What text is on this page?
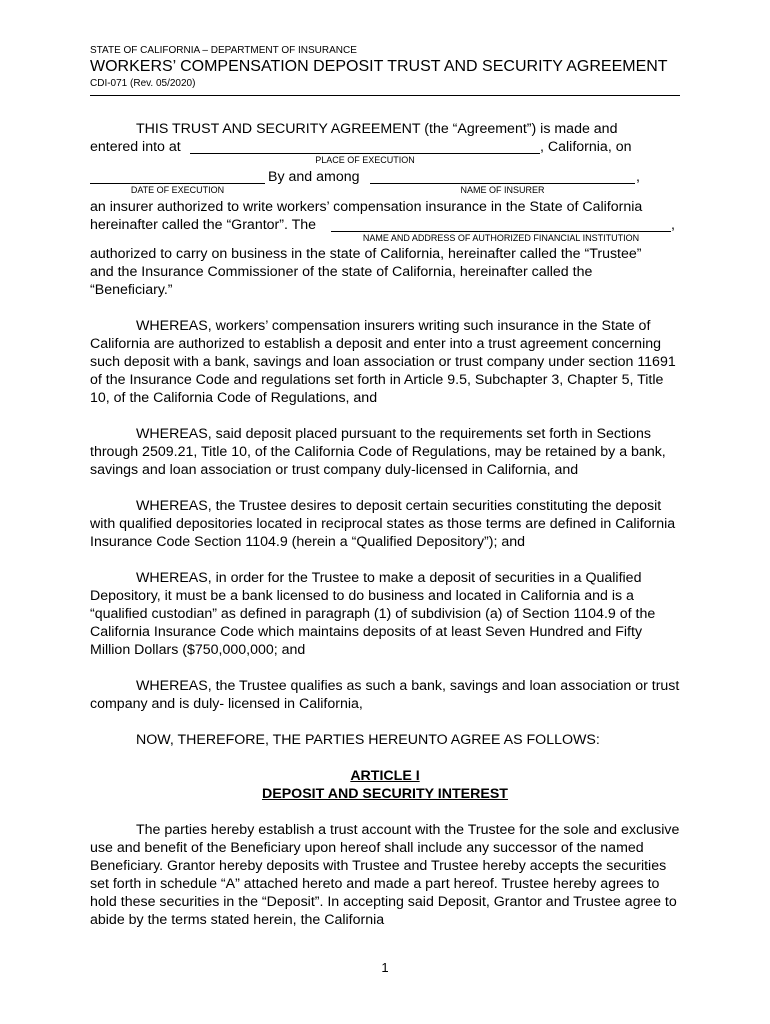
STATE OF CALIFORNIA – DEPARTMENT OF INSURANCE
WORKERS’ COMPENSATION DEPOSIT TRUST AND SECURITY AGREEMENT
CDI-071 (Rev. 05/2020)
THIS TRUST AND SECURITY AGREEMENT (the “Agreement”) is made and
entered into at	, California, on
PLACE OF EXECUTION
By and among	,
DATE OF EXECUTION	NAME OF INSURER
an insurer authorized to write workers’ compensation insurance in the State of California
hereinafter called the “Grantor”. The	,
NAME AND ADDRESS OF AUTHORIZED FINANCIAL INSTITUTION
authorized to carry on business in the state of California, hereinafter called the “Trustee”
and the Insurance Commissioner of the state of California, hereinafter called the
“Beneficiary.”
WHEREAS, workers’ compensation insurers writing such insurance in the State of California are authorized to establish a deposit and enter into a trust agreement concerning such deposit with a bank, savings and loan association or trust company under section 11691 of the Insurance Code and regulations set forth in Article 9.5, Subchapter 3, Chapter 5, Title 10, of the California Code of Regulations, and
WHEREAS, said deposit placed pursuant to the requirements set forth in Sections through 2509.21, Title 10, of the California Code of Regulations, may be retained by a bank, savings and loan association or trust company duly-licensed in California, and
WHEREAS, the Trustee desires to deposit certain securities constituting the deposit with qualified depositories located in reciprocal states as those terms are defined in California Insurance Code Section 1104.9 (herein a “Qualified Depository”); and
WHEREAS, in order for the Trustee to make a deposit of securities in a Qualified Depository, it must be a bank licensed to do business and located in California and is a “qualified custodian” as defined in paragraph (1) of subdivision (a) of Section 1104.9 of the California Insurance Code which maintains deposits of at least Seven Hundred and Fifty Million Dollars ($750,000,000; and
WHEREAS, the Trustee qualifies as such a bank, savings and loan association or trust company and is duly- licensed in California,
NOW, THEREFORE, THE PARTIES HEREUNTO AGREE AS FOLLOWS:
ARTICLE I
DEPOSIT AND SECURITY INTEREST
The parties hereby establish a trust account with the Trustee for the sole and exclusive use and benefit of the Beneficiary upon hereof shall include any successor of the named Beneficiary. Grantor hereby deposits with Trustee and Trustee hereby accepts the securities set forth in schedule “A” attached hereto and made a part hereof. Trustee hereby agrees to hold these securities in the “Deposit”. In accepting said Deposit, Grantor and Trustee agree to abide by the terms stated herein, the California
1
